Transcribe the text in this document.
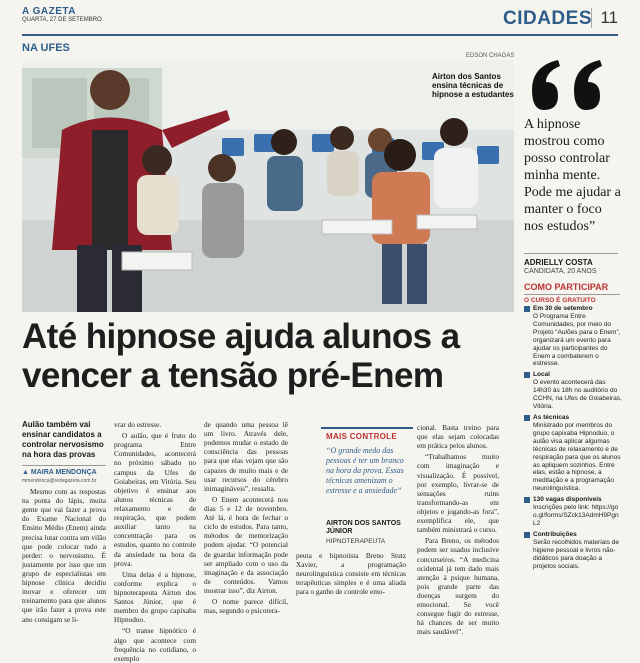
A GAZETA
QUARTA, 27 DE SETEMBRO	CIDADES 11
NA UFES
EDSON CHAGAS
Airton dos Santos ensina técnicas de hipnose a estudantes
A hipnose mostrou como posso controlar minha mente. Pode me ajudar a manter o foco nos estudos”
ADRIELLY COSTA
CANDIDATA, 20 ANOS
Até hipnose ajuda alunos a vencer a tensão pré-Enem
Aulão também vai ensinar candidatos a controlar nervosismo na hora das provas
▲ MAIRA MENDONÇA
mmendonca@redegazeta.com.br

Mesmo com as respostas na ponta do lápis, muita gente que vai fazer a prova do Exame Nacional do Ensino Médio (Enem) ainda precisa lutar contra um vilão que pode colocar tudo a perder: o nervosismo. É justamente por isso que um grupo de especialistas em hipnose clínica decidiu inovar e oferecer um treinamento para que alunos que irão fazer a prova este ano consigam se li-

vrar do estresse.

O aulão, que é fruto do programa Entre Comunidades, acontecerá no próximo sábado no campus da Ufes de Goiabeiras, em Vitória. Seu objetivo é ensinar aos alunos técnicas de relaxamento e de respiração, que podem auxiliar tanto na concentração para os estudos, quanto no controle da ansiedade na hora da prova.

Uma delas é a hipnose, conforme explica o hipnoterapeuta Airton dos Santos Júnior, que é membro do grupo capixaba Hipnoduo.

“O transe hipnótico é algo que acontece com frequência no cotidiano, o exemplo

de quando uma pessoa lê um livro. Através dele, podemos mudar o estado de consciência das pessoas para que elas vejam que são capazes de muito mais e de usar recursos do cérebro inimagináveis”, ressalta.

O Enem acontecerá nos dias 5 e 12 de novembro. Até lá, é hora de fechar o ciclo de estudos. Para tanto, métodos de memorização podem ajudar. “O potencial de guardar informação pode ser ampliado com o uso da imaginação e da associação de conteúdos. Vamos mostrar isso”, diz Airton.

O nome parece difícil, mas, segundo o psicotera-

peuta e hipnotista Breno Stutz Xavier, a programação neurolinguística consiste em técnicas terapêuticas simples e é uma aliada para o ganho de controle emo-

cional. Basta treino para que elas sejam colocadas em prática pelos alunos.

“Trabalhamos muito com imaginação e visualização. É possível, por exemplo, livrar-se de sensações ruins transformando-as em objetos e jogando-as fora”, exemplifica ele, que também ministrará o curso.

Para Breno, os métodos podem ser usados inclusive concurseiros. “A medicina ocidental já tem dado mais atenção à psique humana, pois grande parte das doenças surgem do emocional. Se você consegue fugir do estresse, há chances de ser muito mais saudável”.

MAIS CONTROLE
“O grande medo das pessoas é ter um branco na hora da prova. Essas técnicas amenizam o estresse e a ansiedade”
AIRTON DOS SANTOS JÚNIOR
HIPNOTERAPEUTA
COMO PARTICIPAR
O CURSO É GRATUITO
Em 30 de setembro
O Programa Entre Comunidades, por meio do Projeto “Aulões para o Enem”, organizará um evento para ajudar os participantes do Enem a combaterem o estresse.
Local
O evento acontecerá das 14h30 às 18h no auditório do CCHN, na Ufes de Goiabeiras, Vitória.
As técnicas
Ministrado por membros do grupo capixaba Hipnoduo, o aulão visa aplicar algumas técnicas de relaxamento e de respiração para que os alunos as apliquem sozinhos. Entre elas, estão a hipnose, a meditação e a programação neurolinguística.
130 vagas disponíveis
Inscrições pelo link: https://goo.gl/forms/SZck13AdmH9PgnL2
Contribuições
Serão recolhidos materiais de higiene pessoal e livros não-didáticos para doação a projetos sociais.
